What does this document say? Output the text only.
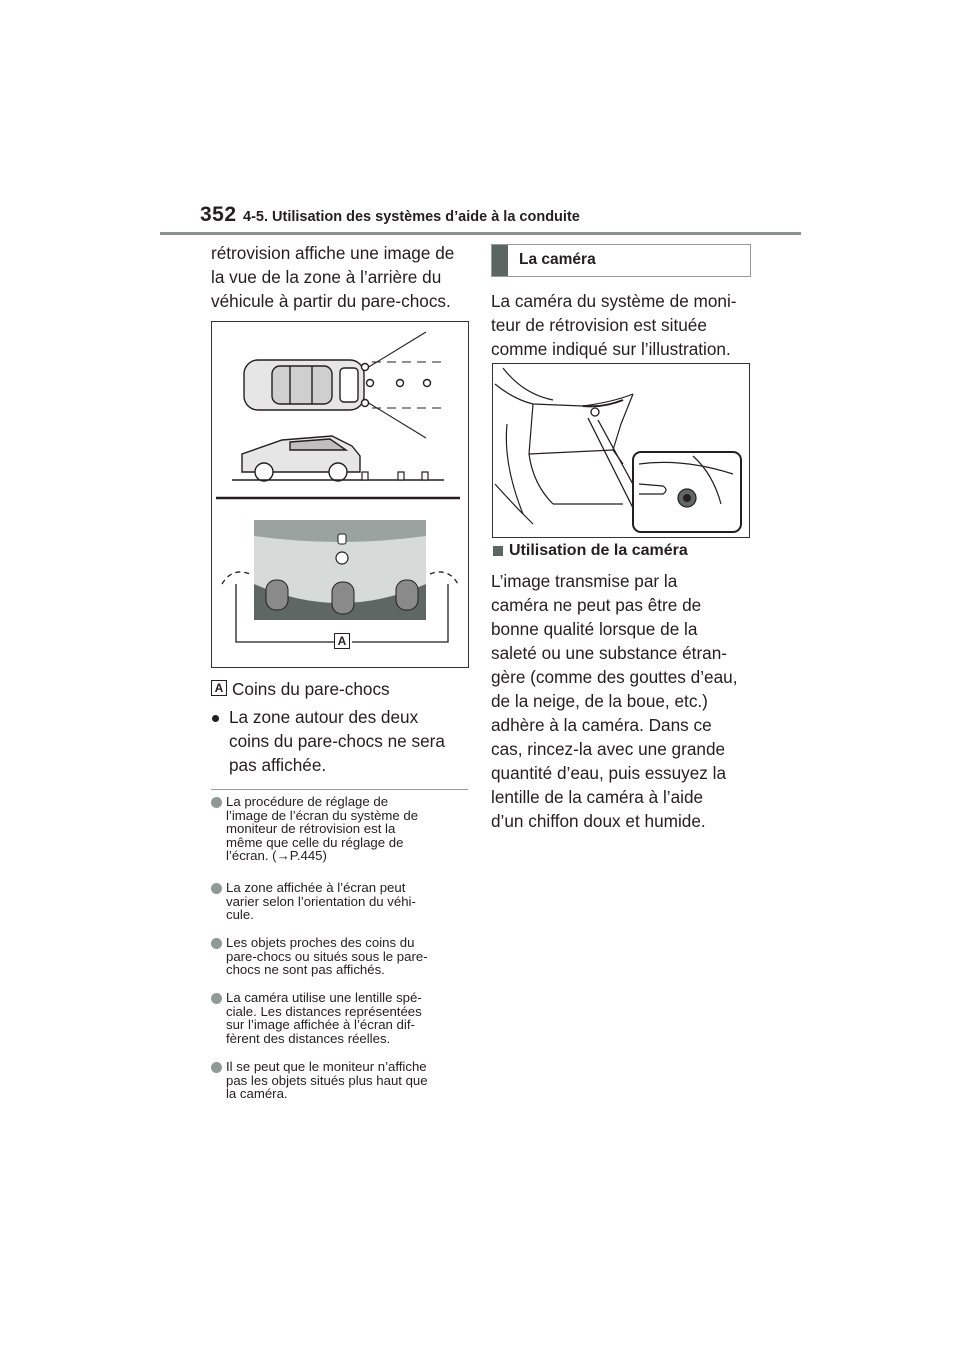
352 4-5. Utilisation des systèmes d’aide à la conduite
rétrovision affiche une image de
la vue de la zone à l’arrière du
véhicule à partir du pare-chocs.
A
A Coins du pare-chocs
La zone autour des deux
coins du pare-chocs ne sera
pas affichée.
La procédure de réglage de
l’image de l’écran du système de
moniteur de rétrovision est la
même que celle du réglage de
l’écran. (→P.445)
La zone affichée à l’écran peut
varier selon l’orientation du véhi-
cule.
Les objets proches des coins du
pare-chocs ou situés sous le pare-
chocs ne sont pas affichés.
La caméra utilise une lentille spé-
ciale. Les distances représentées
sur l’image affichée à l’écran dif-
fèrent des distances réelles.
Il se peut que le moniteur n’affiche
pas les objets situés plus haut que
la caméra.
La caméra
La caméra du système de moni-
teur de rétrovision est située
comme indiqué sur l’illustration.
Utilisation de la caméra
L’image transmise par la
caméra ne peut pas être de
bonne qualité lorsque de la
saleté ou une substance étran-
gère (comme des gouttes d’eau,
de la neige, de la boue, etc.)
adhère à la caméra. Dans ce
cas, rincez-la avec une grande
quantité d’eau, puis essuyez la
lentille de la caméra à l’aide
d’un chiffon doux et humide.
